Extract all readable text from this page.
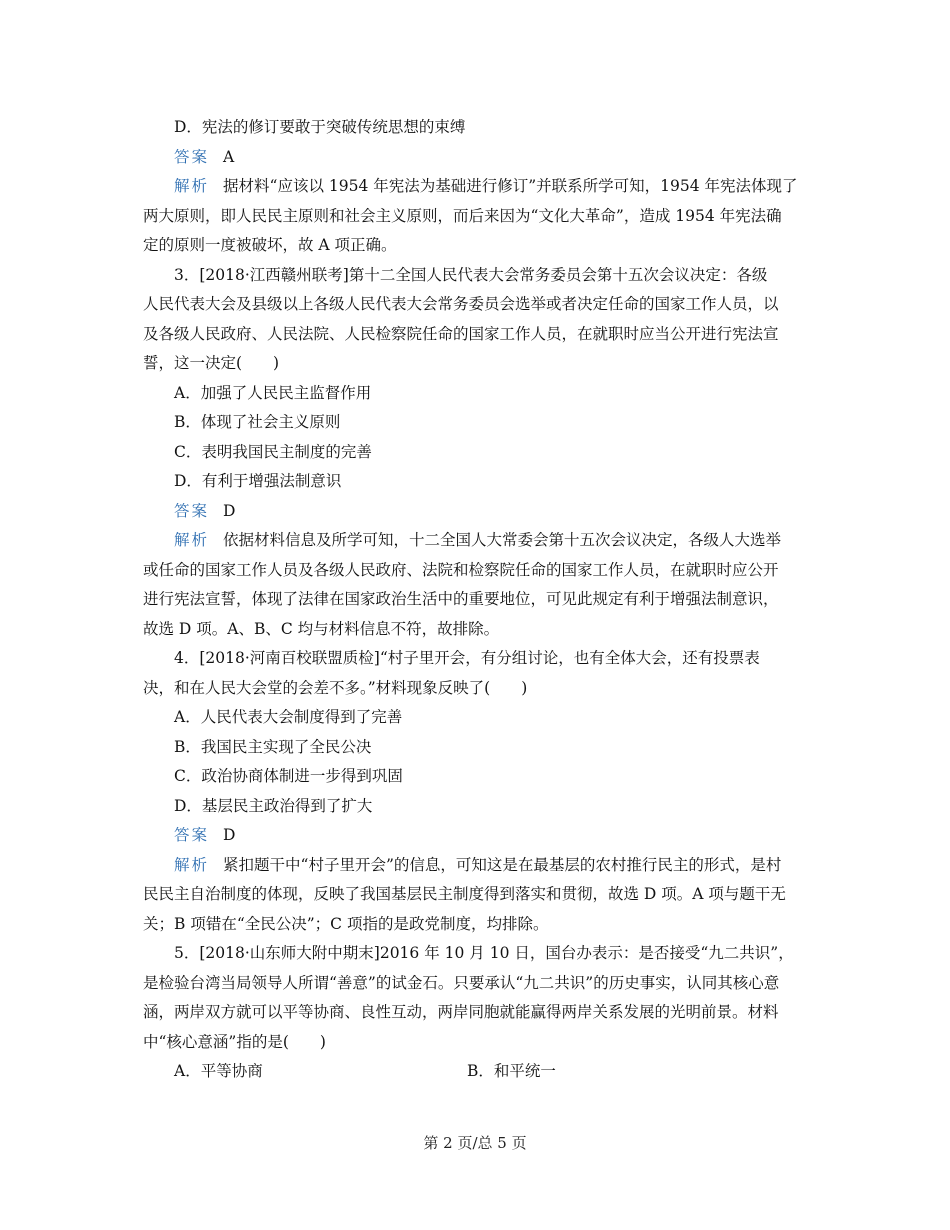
D．宪法的修订要敢于突破传统思想的束缚
答案 A
解析 据材料“应该以 1954 年宪法为基础进行修订”并联系所学可知，1954 年宪法体现了
两大原则，即人民民主原则和社会主义原则，而后来因为“文化大革命”，造成 1954 年宪法确
定的原则一度被破坏，故 A 项正确。
3．[2018·江西赣州联考]第十二全国人民代表大会常务委员会第十五次会议决定：各级
人民代表大会及县级以上各级人民代表大会常务委员会选举或者决定任命的国家工作人员，以
及各级人民政府、人民法院、人民检察院任命的国家工作人员，在就职时应当公开进行宪法宣
誓，这一决定(　　)
A．加强了人民民主监督作用
B．体现了社会主义原则
C．表明我国民主制度的完善
D．有利于增强法制意识
答案 D
解析 依据材料信息及所学可知，十二全国人大常委会第十五次会议决定，各级人大选举
或任命的国家工作人员及各级人民政府、法院和检察院任命的国家工作人员，在就职时应公开
进行宪法宣誓，体现了法律在国家政治生活中的重要地位，可见此规定有利于增强法制意识，
故选 D 项。A、B、C 均与材料信息不符，故排除。
4．[2018·河南百校联盟质检]“村子里开会，有分组讨论，也有全体大会，还有投票表
决，和在人民大会堂的会差不多。”材料现象反映了(　　)
A．人民代表大会制度得到了完善
B．我国民主实现了全民公决
C．政治协商体制进一步得到巩固
D．基层民主政治得到了扩大
答案 D
解析 紧扣题干中“村子里开会”的信息，可知这是在最基层的农村推行民主的形式，是村
民民主自治制度的体现，反映了我国基层民主制度得到落实和贯彻，故选 D 项。A 项与题干无
关；B 项错在“全民公决”；C 项指的是政党制度，均排除。
5．[2018·山东师大附中期末]2016 年 10 月 10 日，国台办表示：是否接受“九二共识”，
是检验台湾当局领导人所谓“善意”的试金石。只要承认“九二共识”的历史事实，认同其核心意
涵，两岸双方就可以平等协商、良性互动，两岸同胞就能赢得两岸关系发展的光明前景。材料
中“核心意涵”指的是(　　)
A．平等协商	B．和平统一
第 2 页/总 5 页
